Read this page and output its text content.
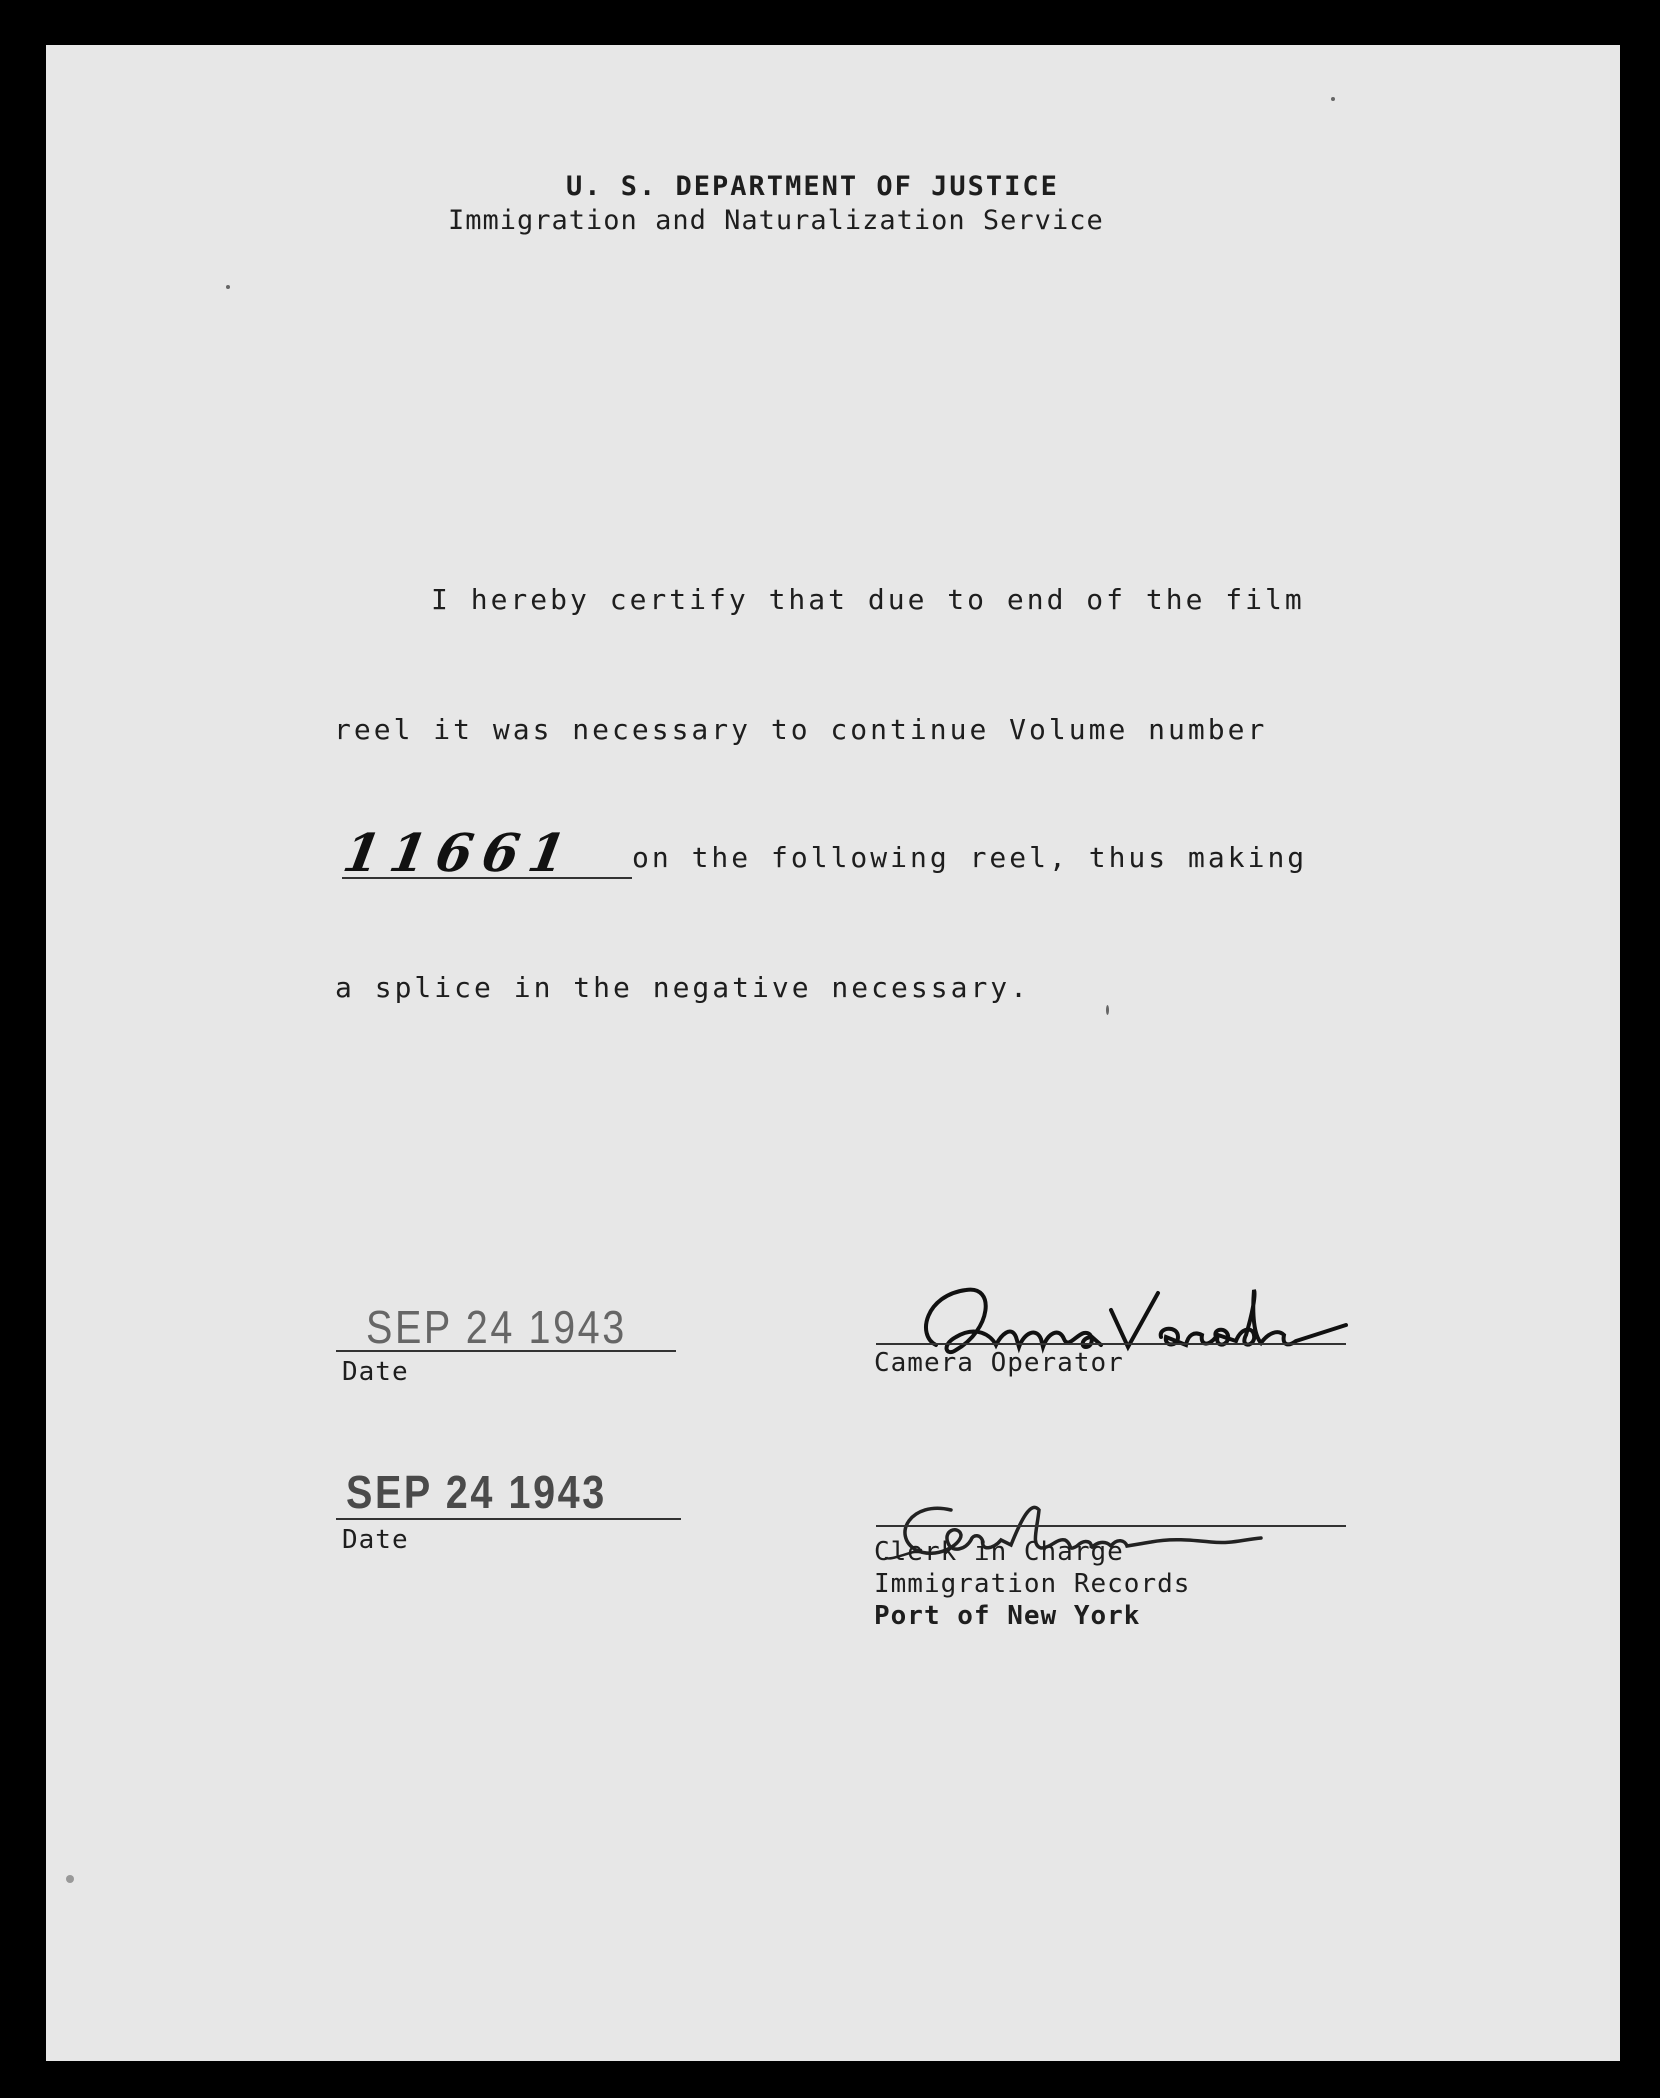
U. S. DEPARTMENT OF JUSTICE
Immigration and Naturalization Service
I hereby certify that due to end of the film
reel it was necessary to continue Volume number
11661 on the following reel, thus making
a splice in the negative necessary.
SEP 24 1943
Date	Camera Operator
SEP 24 1943
Date	Clerk in Charge
Immigration Records
Port of New York
